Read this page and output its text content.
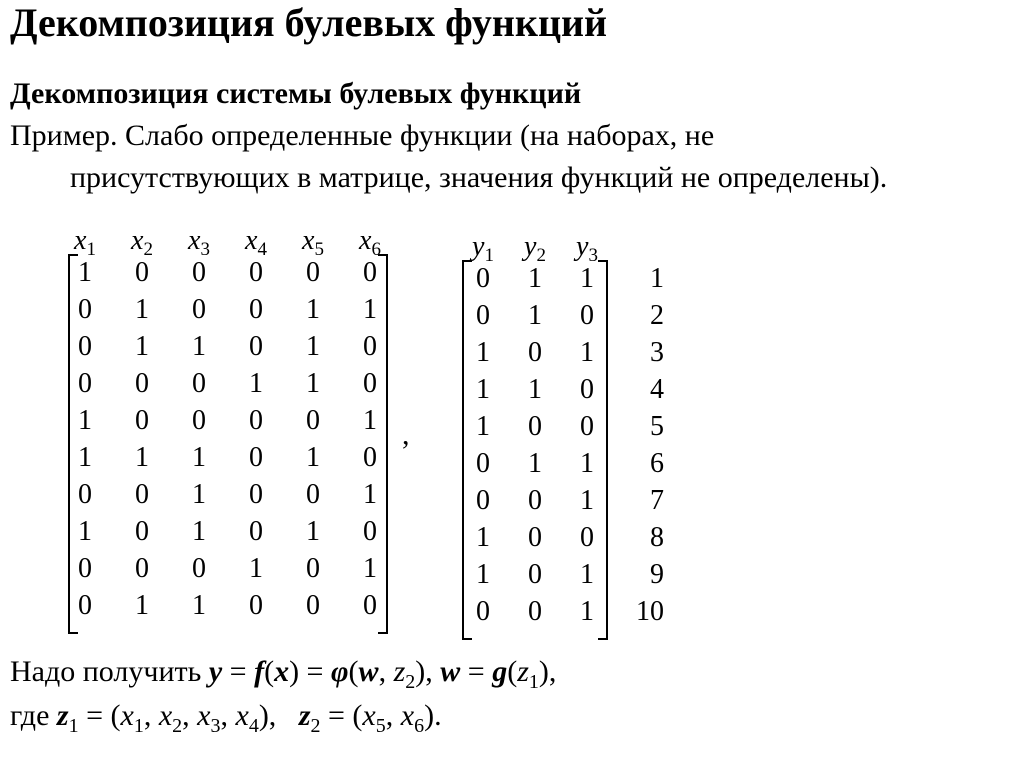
Декомпозиция булевых функций
Декомпозиция системы булевых функций
Пример. Слабо определенные функции (на наборах, не
присутствующих в матрице, значения функций не определены).
$x_1$ $x_2$ $x_3$ $x_4$ $x_5$ $x_6$
1 0 0 0 0 0
0 1 0 0 1 1
0 1 1 0 1 0
0 0 0 1 1 0
1 0 0 0 0 1
1 1 1 0 1 0
0 0 1 0 0 1
1 0 1 0 1 0
0 0 0 1 0 1
0 1 1 0 0 0
$y_1$ $y_2$ $y_3$
0 1 1
0 1 0
1 0 1
1 1 0
1 0 0
0 1 1
0 0 1
1 0 0
1 0 1
0 0 1
1
2
3
4
5
6
7
8
9
10
,
Надо получить y = f(x) = φ(w, $z_2$), $w = g(z_1)$,
где $z_1 = (x_1$, $x_2$, $x_3$, $x_4$),   $z_2 = (x_5$, $x_6$).
